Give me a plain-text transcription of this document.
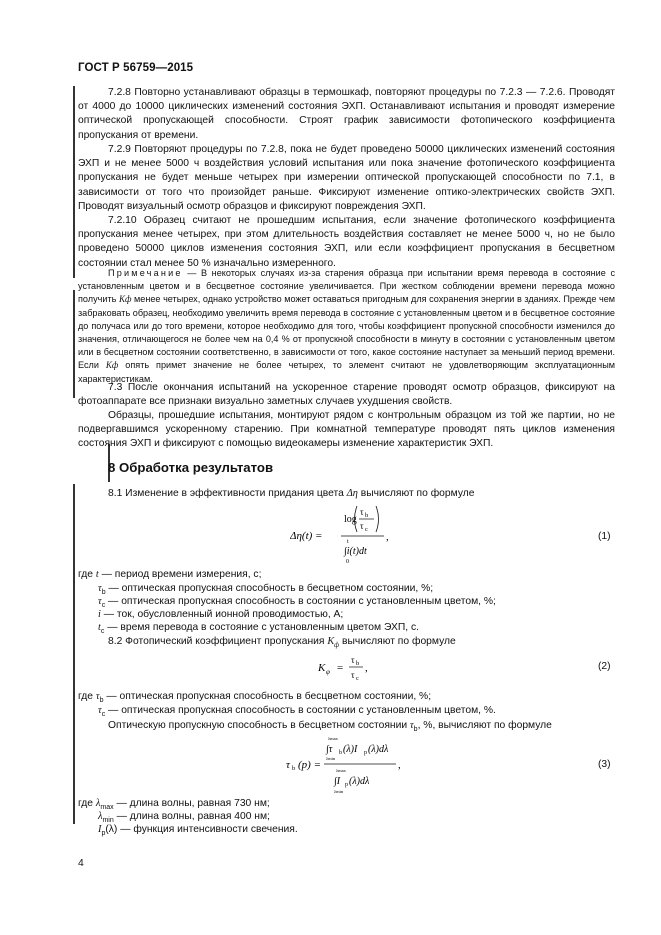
ГОСТ Р 56759—2015

7.2.8 Повторно устанавливают образцы в термошкаф, повторяют процедуры по 7.2.3 — 7.2.6. Проводят от 4000 до 10000 циклических изменений состояния ЭХП. Останавливают испытания и проводят измерение оптической пропускающей способности. Строят график зависимости фотопического коэффициента пропускания от времени.

7.2.9 Повторяют процедуры по 7.2.8, пока не будет проведено 50000 циклических изменений состояния ЭХП и не менее 5000 ч воздействия условий испытания или пока значение фотопического коэффициента пропускания не будет меньше четырех при измерении оптической пропускающей способности по 7.1, в зависимости от того что произойдет раньше. Фиксируют изменение оптико-электрических свойств ЭХП. Проводят визуальный осмотр образцов и фиксируют повреждения ЭХП.

7.2.10 Образец считают не прошедшим испытания, если значение фотопического коэффициента пропускания менее четырех, при этом длительность воздействия составляет не менее 5000 ч, но не было проведено 50000 циклов изменения состояния ЭХП, или если коэффициент пропускания в бесцветном состоянии стал менее 50 % изначально измеренного.

Примечание — В некоторых случаях из-за старения образца при испытании время перевода в состояние с установленным цветом и в бесцветное состояние увеличивается. При жестком соблюдении времени перевода можно получить Кф менее четырех, однако устройство может оставаться пригодным для сохранения энергии в зданиях. Прежде чем забраковать образец, необходимо увеличить время перевода в состояние с установленным цветом и в бесцветное состояние до получаса или до того времени, которое необходимо для того, чтобы коэффициент пропускной способности изменился до значения, отличающегося не более чем на 0,4 % от пропускной способности в минуту в состоянии с установленным цветом или в бесцветном состоянии соответственно, в зависимости от того, какое состояние наступает за меньший период времени. Если Кф опять примет значение не более четырех, то элемент считают не удовлетворяющим эксплуатационным характеристикам.

7.3 После окончания испытаний на ускоренное старение проводят осмотр образцов, фиксируют на фотоаппарате все признаки визуально заметных случаев ухудшения свойств.

Образцы, прошедшие испытания, монтируют рядом с контрольным образцом из той же партии, но не подвергавшимся ускоренному старению. При комнатной температуре проводят пять циклов изменения состояния ЭХП и фиксируют с помощью видеокамеры изменение характеристик ЭХП.

8 Обработка результатов
8.1 Изменение в эффективности придания цвета Δη вычисляют по формуле
Δη(t) =
log
τ b
τ c
t
∫i(t)dt
0
,	(1)
где t — период времени измерения, с;
$\tau_b$ — оптическая пропускная способность в бесцветном состоянии, %;
$\tau_c$ — оптическая пропускная способность в состоянии с установленным цветом, %;
i — ток, обусловленный ионной проводимостью, А;
$t_c$ — время перевода в состояние с установленным цветом ЭХП, с.
8.2 Фотопический коэффициент пропускания $К_ф$ вычисляют по формуле
K φ =
τ b
τ c
,	(2)
где $\tau_b$ — оптическая пропускная способность в бесцветном состоянии, %;
$\tau_c$ — оптическая пропускная способность в состоянии с установленным цветом, %.
Оптическую пропускную способность в бесцветном состоянии $\tau_b$, %, вычисляют по формуле
τ b (p) =
λmax
∫τ b (λ)I p (λ)dλ
λmin
λmax
∫I p (λ)dλ
λmin
,	(3)
где $\lambda_{max}$ — длина волны, равная 730 нм;
$\lambda_{min}$ — длина волны, равная 400 нм;
$I_p(\lambda)$ — функция интенсивности свечения.
4
